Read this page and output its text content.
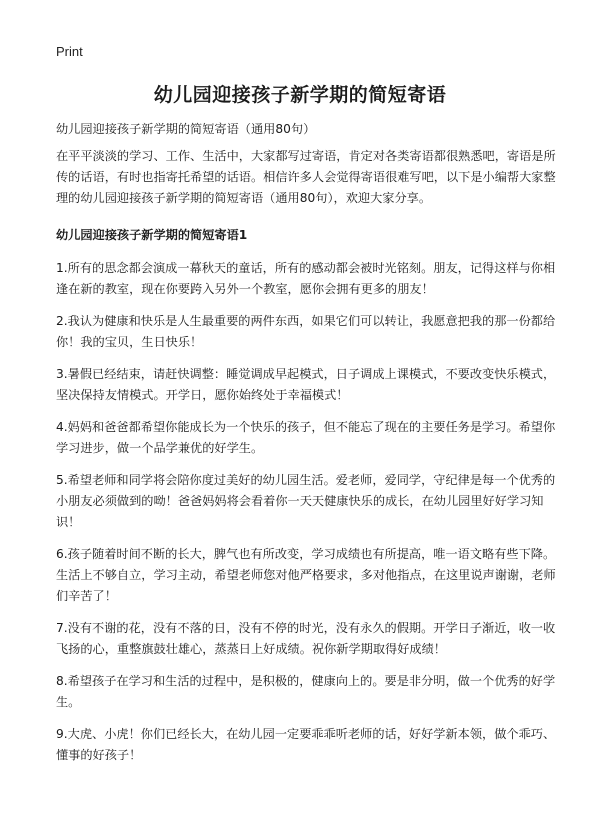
Print
幼儿园迎接孩子新学期的简短寄语

幼儿园迎接孩子新学期的简短寄语（通用80句）

在平平淡淡的学习、工作、生活中，大家都写过寄语，肯定对各类寄语都很熟悉吧，寄语是所传的话语，有时也指寄托希望的话语。相信许多人会觉得寄语很难写吧，以下是小编帮大家整理的幼儿园迎接孩子新学期的简短寄语（通用80句），欢迎大家分享。

幼儿园迎接孩子新学期的简短寄语1

1.所有的思念都会演成一幕秋天的童话，所有的感动都会被时光铭刻。朋友，记得这样与你相逢在新的教室，现在你要跨入另外一个教室，愿你会拥有更多的朋友！

2.我认为健康和快乐是人生最重要的两件东西，如果它们可以转让，我愿意把我的那一份都给你！我的宝贝，生日快乐！

3.暑假已经结束，请赶快调整：睡觉调成早起模式，日子调成上课模式，不要改变快乐模式，坚决保持友情模式。开学日，愿你始终处于幸福模式！

4.妈妈和爸爸都希望你能成长为一个快乐的孩子，但不能忘了现在的主要任务是学习。希望你学习进步，做一个品学兼优的好学生。

5.希望老师和同学将会陪你度过美好的幼儿园生活。爱老师，爱同学，守纪律是每一个优秀的小朋友必须做到的呦！爸爸妈妈将会看着你一天天健康快乐的成长，在幼儿园里好好学习知识！

6.孩子随着时间不断的长大，脾气也有所改变，学习成绩也有所提高，唯一语文略有些下降。生活上不够自立，学习主动，希望老师您对他严格要求，多对他指点，在这里说声谢谢，老师们辛苦了！

7.没有不谢的花，没有不落的日，没有不停的时光，没有永久的假期。开学日子渐近，收一收飞扬的心，重整旗鼓壮雄心，蒸蒸日上好成绩。祝你新学期取得好成绩！

8.希望孩子在学习和生活的过程中，是积极的，健康向上的。要是非分明，做一个优秀的好学生。

9.大虎、小虎！你们已经长大，在幼儿园一定要乖乖听老师的话，好好学新本领，做个乖巧、懂事的好孩子！
